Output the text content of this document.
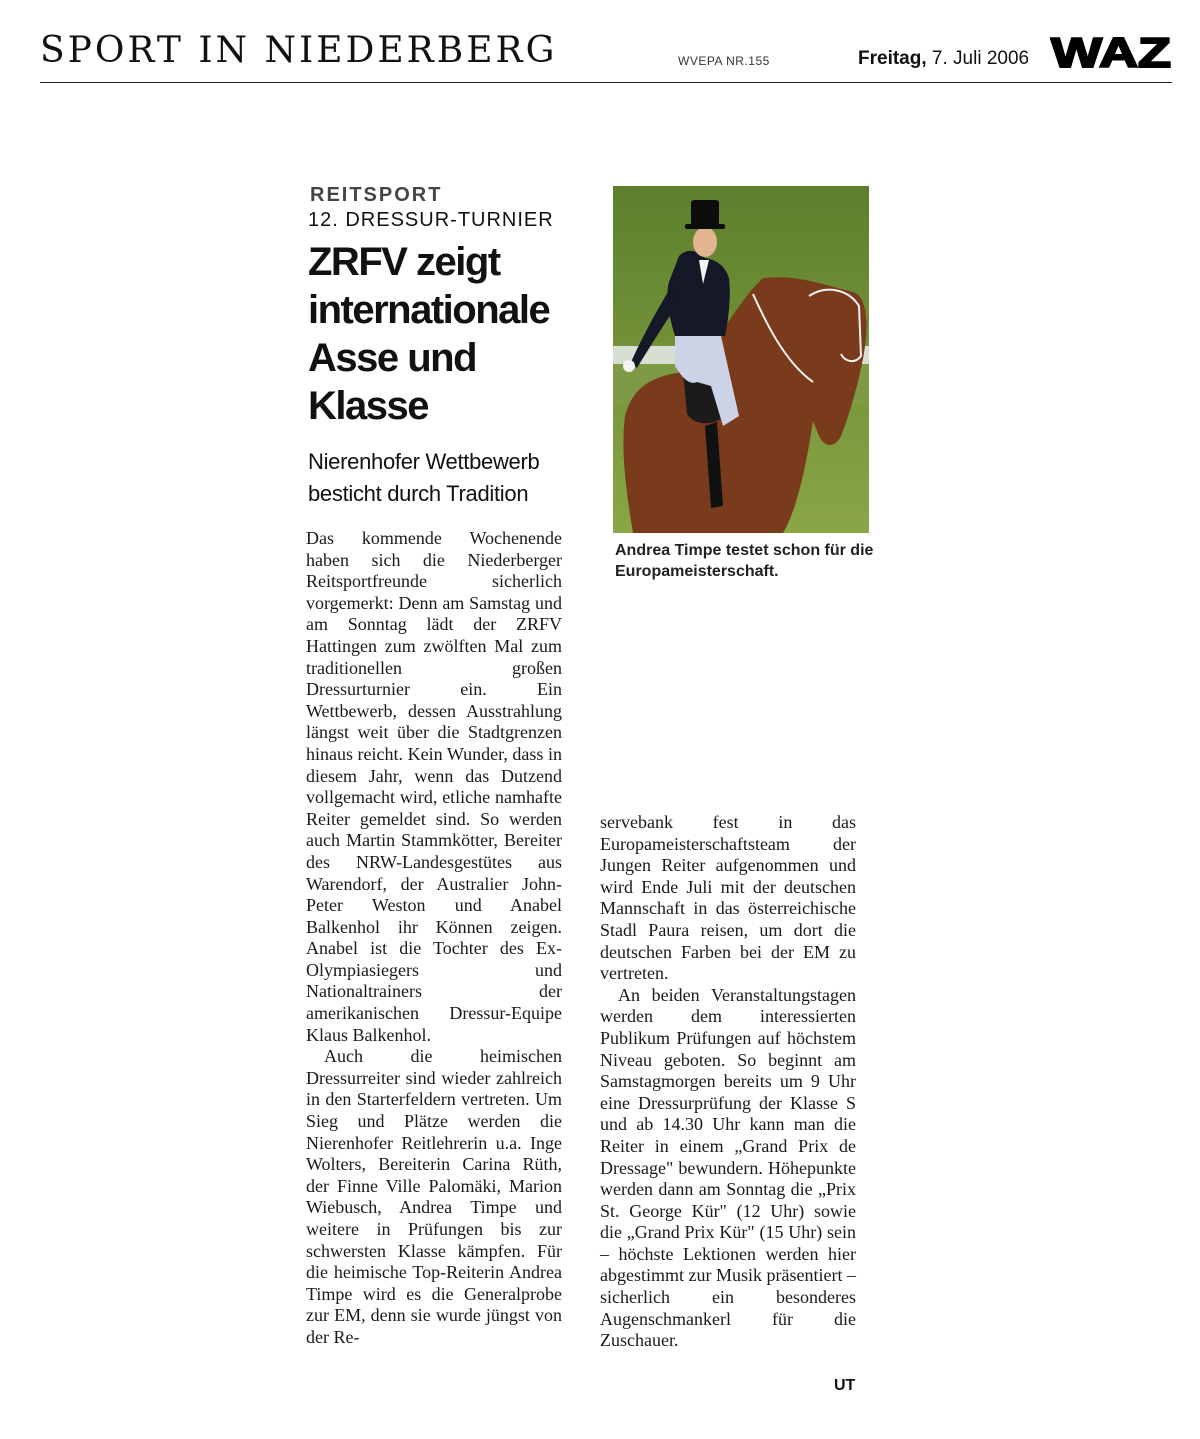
SPORT IN NIEDERBERG	WVEPA NR.155	Freitag, 7. Juli 2006 WAZ
REITSPORT
12. DRESSUR-TURNIER
ZRFV zeigt internationale Asse und Klasse
Nierenhofer Wettbewerb besticht durch Tradition

Das kommende Wochenende haben sich die Niederberger Reitsportfreunde sicherlich vorgemerkt: Denn am Samstag und am Sonntag lädt der ZRFV Hattingen zum zwölften Mal zum traditionellen großen Dressurturnier ein. Ein Wettbewerb, dessen Ausstrahlung längst weit über die Stadtgrenzen hinaus reicht. Kein Wunder, dass in diesem Jahr, wenn das Dutzend vollgemacht wird, etliche namhafte Reiter gemeldet sind. So werden auch Martin Stammkötter, Bereiter des NRW-Landesgestütes aus Warendorf, der Australier John-Peter Weston und Anabel Balkenhol ihr Können zeigen. Anabel ist die Tochter des Ex-Olympiasiegers und Nationaltrainers der amerikanischen Dressur-Equipe Klaus Balkenhol.

Auch die heimischen Dressurreiter sind wieder zahlreich in den Starterfeldern vertreten. Um Sieg und Plätze werden die Nierenhofer Reitlehrerin u.a. Inge Wolters, Bereiterin Carina Rüth, der Finne Ville Palomäki, Marion Wiebusch, Andrea Timpe und weitere in Prüfungen bis zur schwersten Klasse kämpfen. Für die heimische Top-Reiterin Andrea Timpe wird es die Generalprobe zur EM, denn sie wurde jüngst von der Re-

Andrea Timpe testet schon für die Europameisterschaft.

servebank fest in das Europameisterschaftsteam der Jungen Reiter aufgenommen und wird Ende Juli mit der deutschen Mannschaft in das österreichische Stadl Paura reisen, um dort die deutschen Farben bei der EM zu vertreten.

An beiden Veranstaltungstagen werden dem interessierten Publikum Prüfungen auf höchstem Niveau geboten. So beginnt am Samstagmorgen bereits um 9 Uhr eine Dressurprüfung der Klasse S und ab 14.30 Uhr kann man die Reiter in einem „Grand Prix de Dressage" bewundern. Höhepunkte werden dann am Sonntag die „Prix St. George Kür" (12 Uhr) sowie die „Grand Prix Kür" (15 Uhr) sein – höchste Lektionen werden hier abgestimmt zur Musik präsentiert – sicherlich ein besonderes Augenschmankerl für die Zuschauer.

UT
